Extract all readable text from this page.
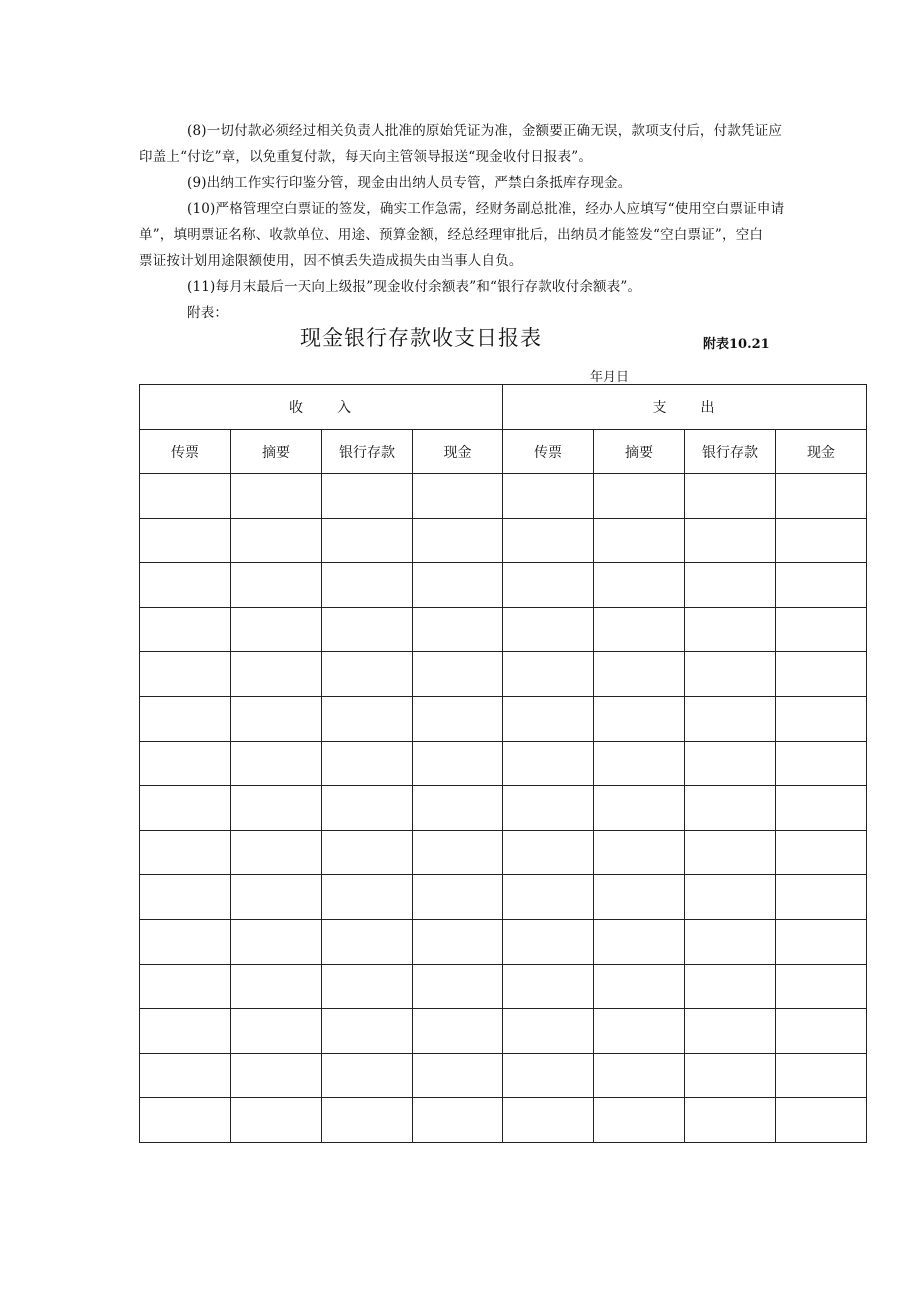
(8)一切付款必须经过相关负责人批准的原始凭证为准，金额要正确无误，款项支付后，付款凭证应
印盖上“付讫”章，以免重复付款，每天向主管领导报送“现金收付日报表”。
(9)出纳工作实行印鉴分管，现金由出纳人员专管，严禁白条抵库存现金。
(10)严格管理空白票证的签发，确实工作急需，经财务副总批准，经办人应填写“使用空白票证申请
单”，填明票证名称、收款单位、用途、预算金额，经总经理审批后，出纳员才能签发“空白票证”，空白
票证按计划用途限额使用，因不慎丢失造成损失由当事人自负。
(11)每月末最后一天向上级报”现金收付余额表”和“银行存款收付余额表”。
附表：
现金银行存款收支日报表	附表10.21
年月日
收　　入				支　　出			
传票	摘要	银行存款	现金	传票	摘要	银行存款	现金
